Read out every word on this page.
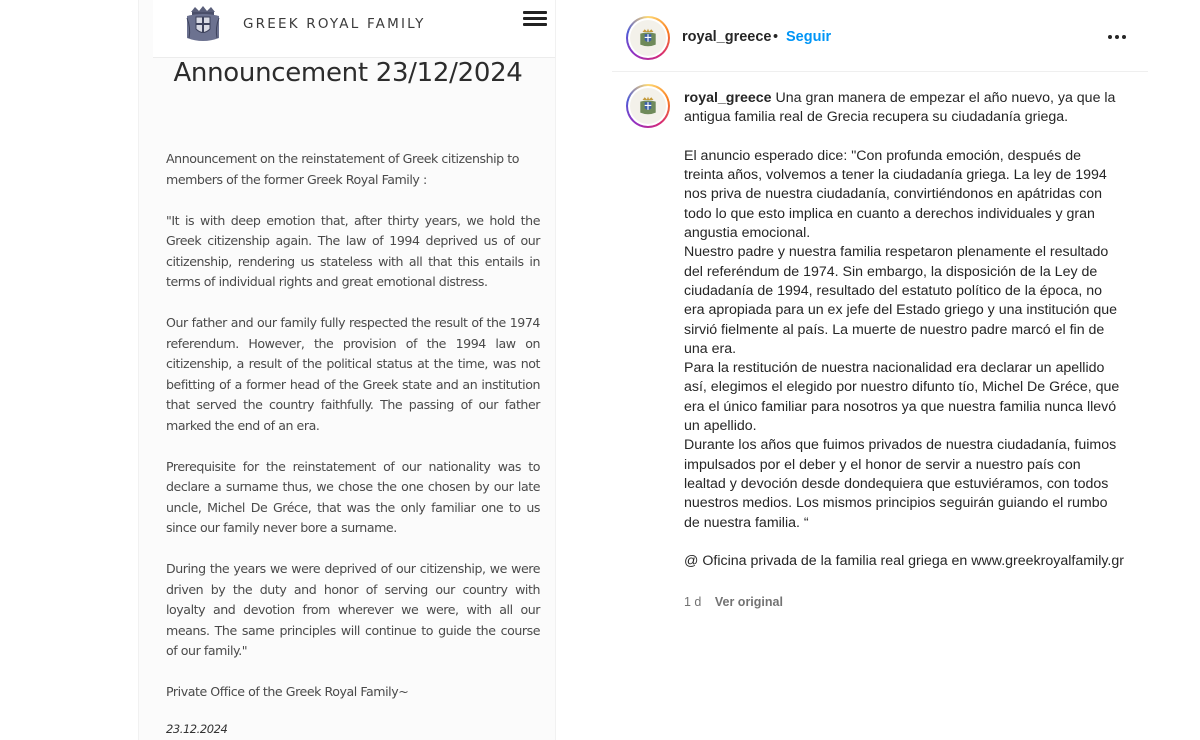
GREEK ROYAL FAMILY
Announcement 23/12/2024

Announcement on the reinstatement of Greek citizenship to members of the former Greek Royal Family :

"It is with deep emotion that, after thirty years, we hold the Greek citizenship again. The law of 1994 deprived us of our citizenship, rendering us stateless with all that this entails in terms of individual rights and great emotional distress.

Our father and our family fully respected the result of the 1974 referendum. However, the provision of the 1994 law on citizenship, a result of the political status at the time, was not befitting of a former head of the Greek state and an institution that served the country faithfully. The passing of our father marked the end of an era.

Prerequisite for the reinstatement of our nationality was to declare a surname thus, we chose the one chosen by our late uncle, Michel De Gréce, that was the only familiar one to us since our family never bore a surname.

During the years we were deprived of our citizenship, we were driven by the duty and honor of serving our country with loyalty and devotion from wherever we were, with all our means. The same principles will continue to guide the course of our family."

Private Office of the Greek Royal Family~

23.12.2024

royal_greece • Seguir

royal_greece Una gran manera de empezar el año nuevo, ya que la antigua familia real de Grecia recupera su ciudadanía griega.

El anuncio esperado dice: "Con profunda emoción, después de treinta años, volvemos a tener la ciudadanía griega. La ley de 1994 nos priva de nuestra ciudadanía, convirtiéndonos en apátridas con todo lo que esto implica en cuanto a derechos individuales y gran angustia emocional.

Nuestro padre y nuestra familia respetaron plenamente el resultado del referéndum de 1974. Sin embargo, la disposición de la Ley de ciudadanía de 1994, resultado del estatuto político de la época, no era apropiada para un ex jefe del Estado griego y una institución que sirvió fielmente al país. La muerte de nuestro padre marcó el fin de una era.

Para la restitución de nuestra nacionalidad era declarar un apellido así, elegimos el elegido por nuestro difunto tío, Michel De Gréce, que era el único familiar para nosotros ya que nuestra familia nunca llevó un apellido.

Durante los años que fuimos privados de nuestra ciudadanía, fuimos impulsados por el deber y el honor de servir a nuestro país con lealtad y devoción desde dondequiera que estuviéramos, con todos nuestros medios. Los mismos principios seguirán guiando el rumbo de nuestra familia. “

@ Oficina privada de la familia real griega en www.greekroyalfamily.gr

1 d Ver original
